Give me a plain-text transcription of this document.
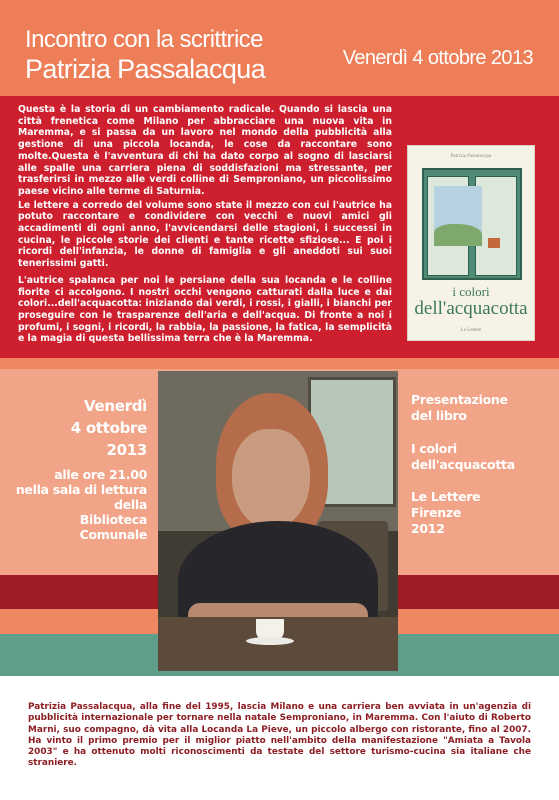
Incontro con la scrittrice
Patrizia Passalacqua	Venerdì 4 ottobre 2013

Questa è la storia di un cambiamento radicale. Quando si lascia una città frenetica come Milano per abbracciare una nuova vita in Maremma, e si passa da un lavoro nel mondo della pubblicità alla gestione di una piccola locanda, le cose da raccontare sono molte.Questa è l'avventura di chi ha dato corpo al sogno di lasciarsi alle spalle una carriera piena di soddisfazioni ma stressante, per trasferirsi in mezzo alle verdi colline di Semproniano, un piccolissimo paese vicino alle terme di Saturnia.

Le lettere a corredo del volume sono state il mezzo con cui l'autrice ha potuto raccontare e condividere con vecchi e nuovi amici gli accadimenti di ogni anno, l'avvicendarsi delle stagioni, i successi in cucina, le piccole storie dei clienti e tante ricette sfiziose... E poi i ricordi dell'infanzia, le donne di famiglia e gli aneddoti sui suoi tenerissimi gatti.

L'autrice spalanca per noi le persiane della sua locanda e le colline fiorite ci accolgono. I nostri occhi vengono catturati dalla luce e dai colori...dell'acquacotta: iniziando dai verdi, i rossi, i gialli, i bianchi per proseguire con le trasparenze dell'aria e dell'acqua. Di fronte a noi i profumi, i sogni, i ricordi, la rabbia, la passione, la fatica, la semplicità e la magia di questa bellissima terra che è la Maremma.

Patrizia Passalacqua
i colori
dell'acquacotta
Le Lettere
Venerdì
4 ottobre
2013
alle ore 21.00
nella sala di lettura
della
Biblioteca
Comunale
Presentazione
del libro
I colori
dell'acquacotta
Le Lettere
Firenze
2012
Patrizia Passalacqua, alla fine del 1995, lascia Milano e una carriera ben avviata in un'agenzia di pubblicità internazionale per tornare nella natale Semproniano, in Maremma. Con l'aiuto di Roberto Marni, suo compagno, dà vita alla Locanda La Pieve, un piccolo albergo con ristorante, fino al 2007. Ha vinto il primo premio per il miglior piatto nell'ambito della manifestazione "Amiata a Tavola 2003" e ha ottenuto molti riconoscimenti da testate del settore turismo-cucina sia italiane che straniere.
